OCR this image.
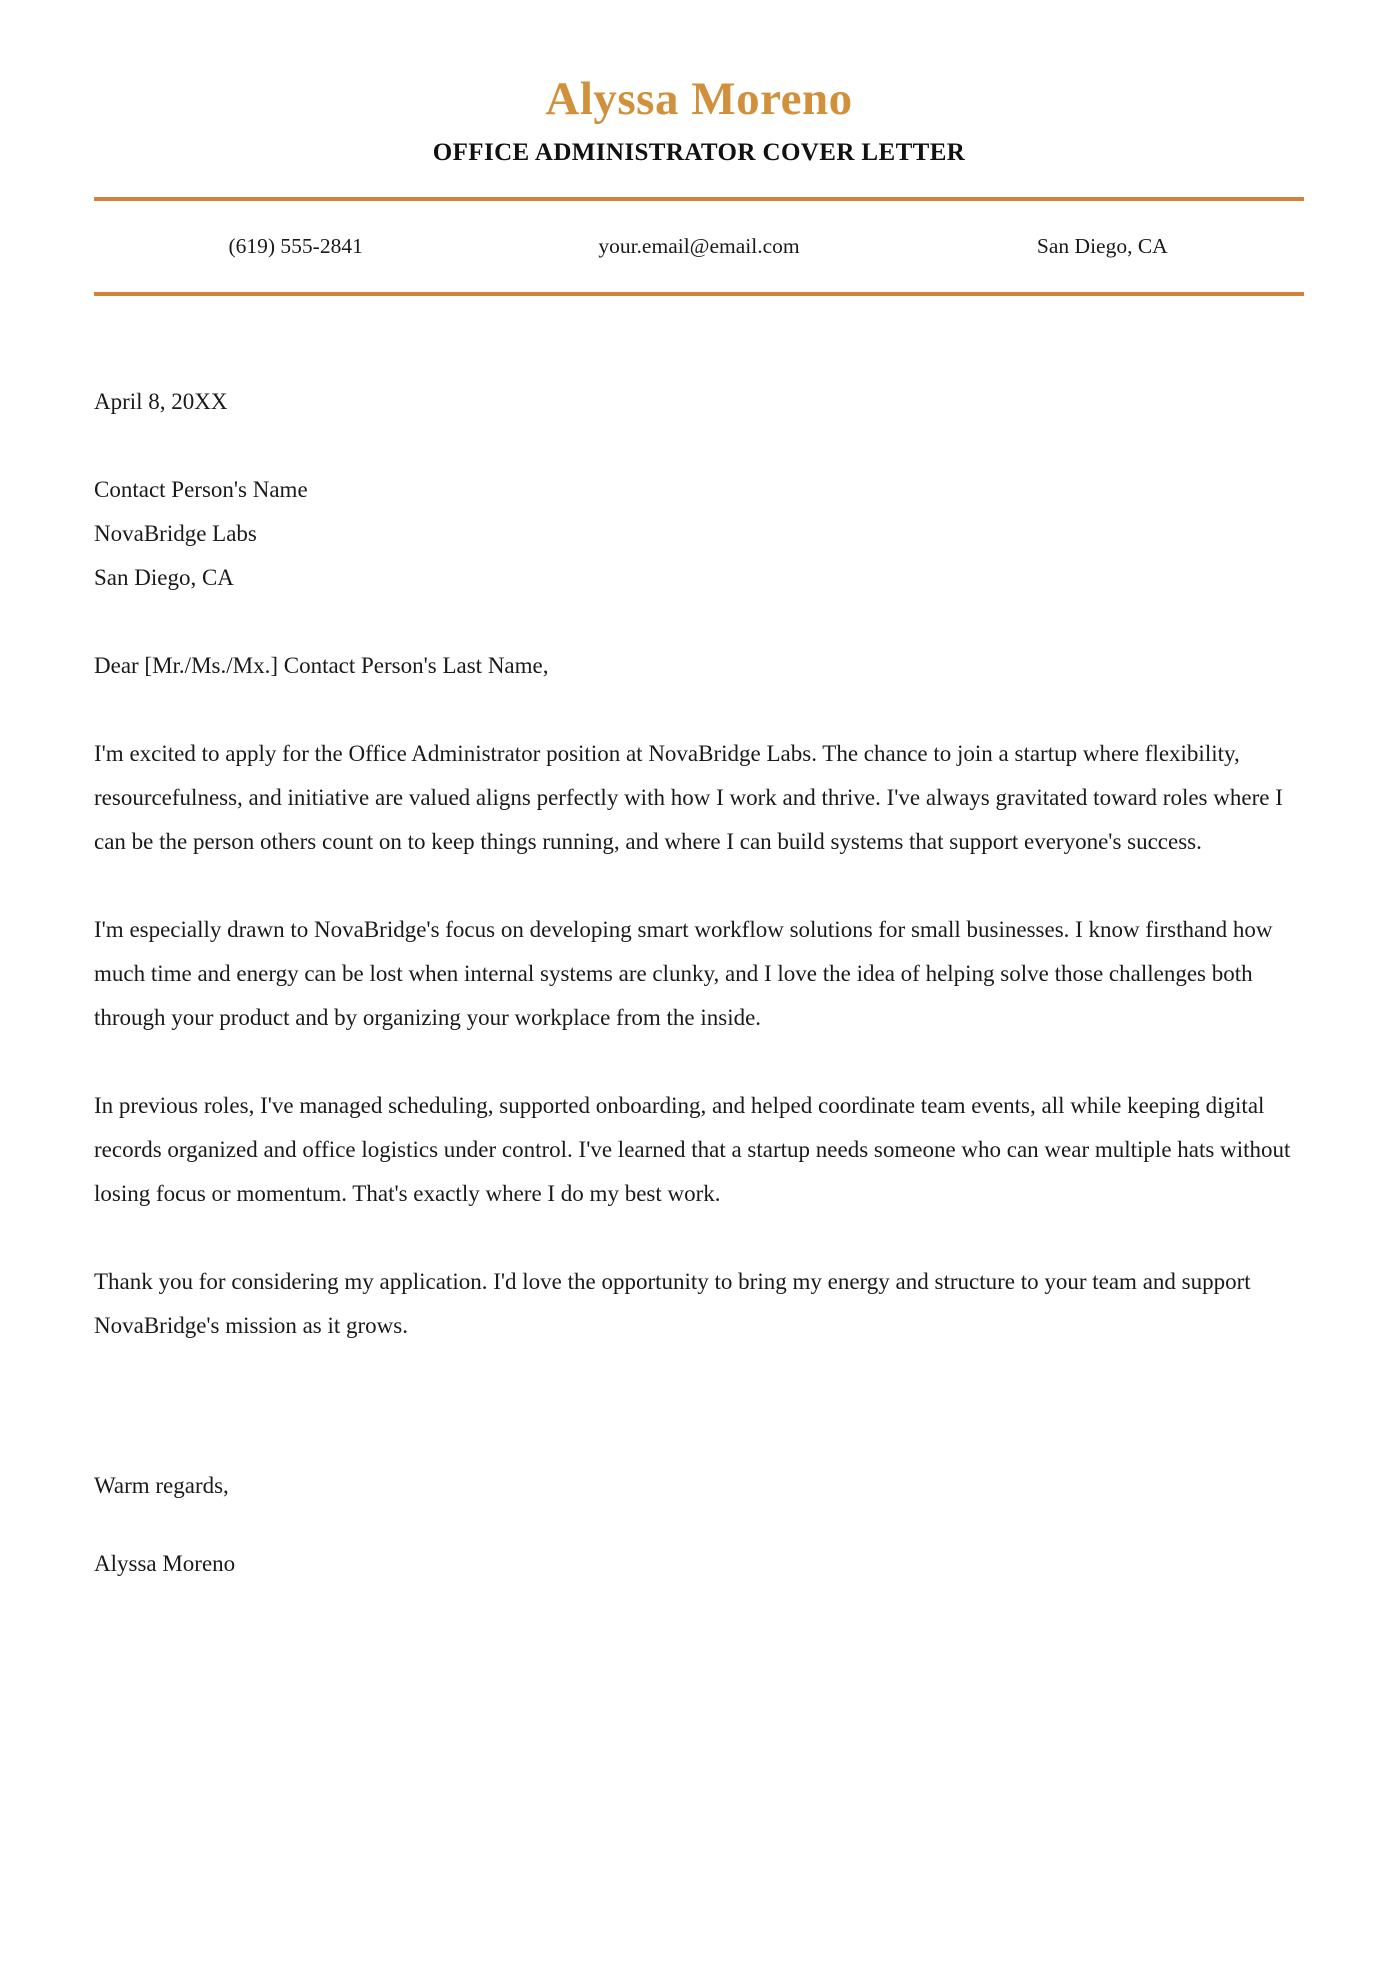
Alyssa Moreno
OFFICE ADMINISTRATOR COVER LETTER
(619) 555-2841	your.email@email.com	San Diego, CA

April 8, 20XX

Contact Person's Name
NovaBridge Labs
San Diego, CA

Dear [Mr./Ms./Mx.] Contact Person's Last Name,

I'm excited to apply for the Office Administrator position at NovaBridge Labs. The chance to join a startup where flexibility, resourcefulness, and initiative are valued aligns perfectly with how I work and thrive. I've always gravitated toward roles where I can be the person others count on to keep things running, and where I can build systems that support everyone's success.

I'm especially drawn to NovaBridge's focus on developing smart workflow solutions for small businesses. I know firsthand how much time and energy can be lost when internal systems are clunky, and I love the idea of helping solve those challenges both through your product and by organizing your workplace from the inside.

In previous roles, I've managed scheduling, supported onboarding, and helped coordinate team events, all while keeping digital records organized and office logistics under control. I've learned that a startup needs someone who can wear multiple hats without losing focus or momentum. That's exactly where I do my best work.

Thank you for considering my application. I'd love the opportunity to bring my energy and structure to your team and support NovaBridge's mission as it grows.

Warm regards,

Alyssa Moreno
